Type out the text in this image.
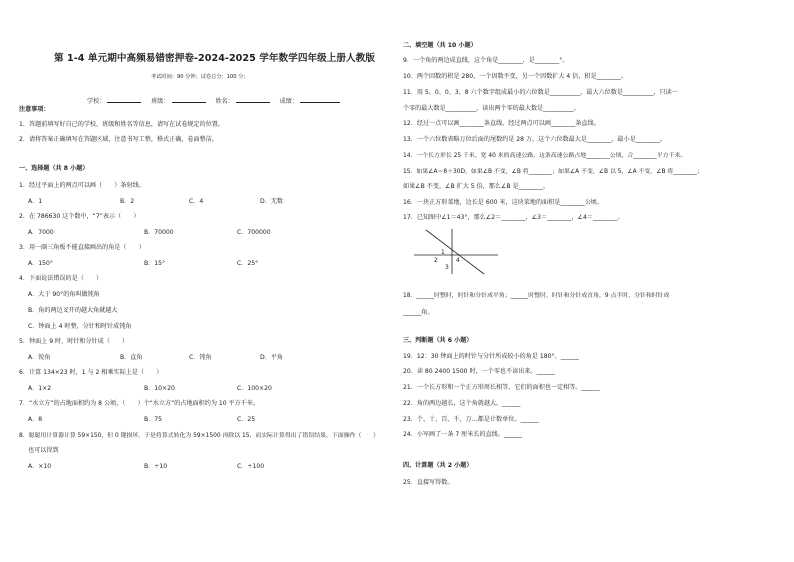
第 1-4 单元期中高频易错密押卷-2024-2025 学年数学四年级上册人教版
考试时间：90 分钟；试卷总分：100 分；
学校：	班级：	姓名：	成绩：
注意事项：
1．答题前填写好自己的学校、班级和姓名等信息，请写在试卷规定的位置。
2．请将答案正确填写在答题区域，注意书写工整，格式正确，卷面整洁。
一、选择题（共 8 小题）
1．经过平面上的两点可以画（　　）条射线。
A．1	B．2	C．4	D．无数
2．在 786630 这个数中，“7”表示（　　）
A．7000	B．70000	C．700000
3．用一副三角板不能直接画出的角是（　　）
A．150°	B．15°	C．25°
4．下面说法错误的是（　　）
A．大于 90°的角叫做钝角
B．角的两边叉开的越大角就越大
C．钟面上 4 时整，分针和时针成钝角
5．钟面上 9 时，时针和分针成（　　）
A．锐角	B．直角	C．钝角	D．平角
6．计算 134×23 时，1 与 2 相乘实际上是（　　）
A．1×2	B．10×20	C．100×20
7．“水立方”的占地面积约为 8 公顷，（　　）个“水立方”的占地面积约为 10 平方千米。
A．8	B．75	C．25
8．聪聪用计算器计算 59×150，但 0 键损坏，于是将算式转化为 59×1500 再除以 15，而实际计算得出了错误结果，下面操作（　　）
也可以得到
A．×10	B．÷10	C．÷100
二、填空题（共 10 小题）
9．一个角的两边成直线，这个角是________，是________°。
10．两个因数的积是 280，一个因数不变，另一个因数扩大 4 倍，积是________。
11．用 5、0、0、3、8 六个数字组成最小的六位数是__________，最大六位数是__________，只读一
个零的最大数是__________，读出两个零的最大数是__________。
12．经过一点可以画________条直线，经过两点可以画________条直线。
13．一个六位数省略万位后面的尾数约是 28 万，这个六位数最大是________，最小是________。
14．一个长方形长 25 千米、宽 40 米的高速公路，这条高速公路占地________公顷，合________平方千米。
15．如果∠A＝8＋30D，如果∠B 不变，∠B 将________；如果∠A 不变，∠B 以 5，∠A 不变，∠B 将________；
如果∠B 不变，∠B 扩大 5 倍，那么∠B 是________。
16．一块正方形菜地，边长是 600 米，这块菜地的面积是________公顷。
17．已知图中∠1＝43°，那么∠2＝________，∠3＝________，∠4＝________。
1
2
3
4
18．______时整时，时针和分针成平角；______时整时，时针和分针成直角，9 点半时，分针和时针成
______角。
三、判断题（共 6 小题）
19．12：30 钟面上的时针与分针所成较小的角是 180°。______
20．读 80 2400 1500 时，一个零也不读出来。______
21．一个长方形和一个正方形周长相等，它们的面积也一定相等。______
22．角的两边越长，这个角就越大。______
23．个、十、百、千、万…都是计数单位。______
24．小军画了一条 7 厘米长的直线。______
四、计算题（共 2 小题）
25．直接写得数。
